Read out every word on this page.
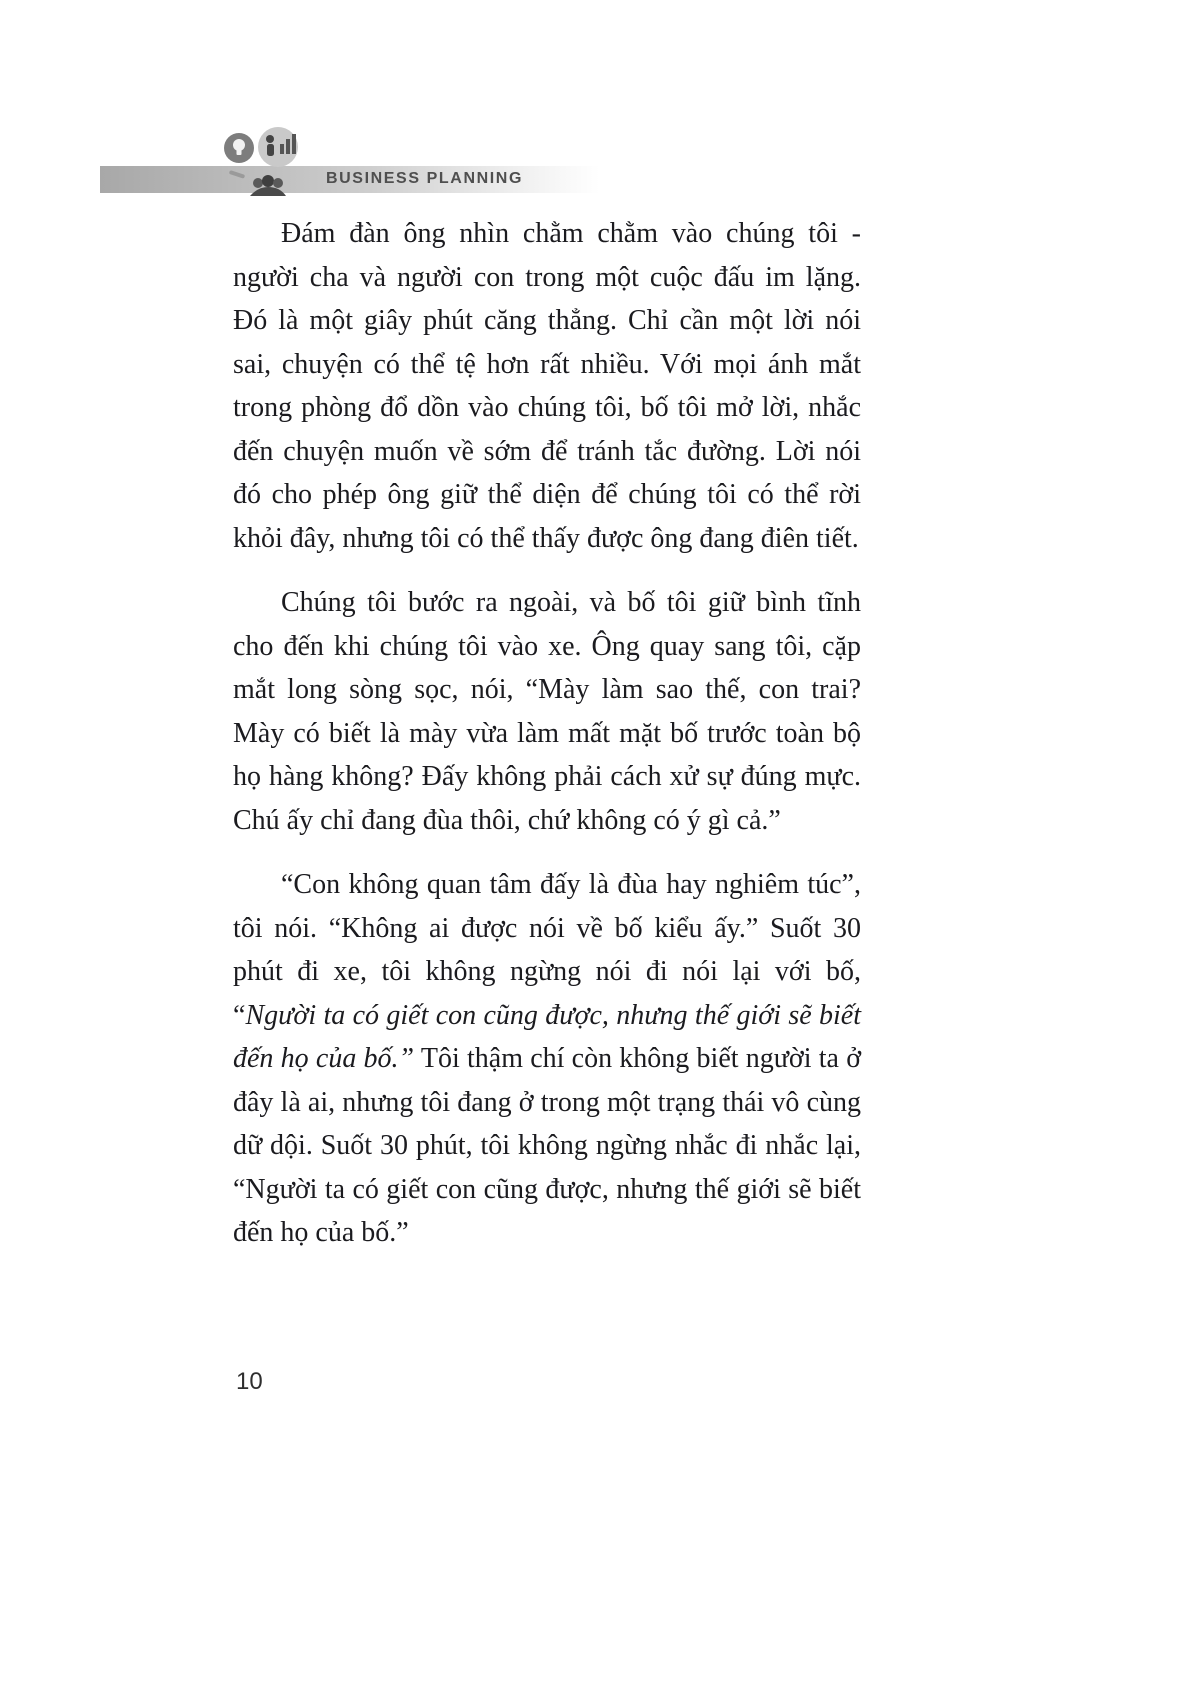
BUSINESS PLANNING

Đám đàn ông nhìn chằm chằm vào chúng tôi - người cha và người con trong một cuộc đấu im lặng. Đó là một giây phút căng thẳng. Chỉ cần một lời nói sai, chuyện có thể tệ hơn rất nhiều. Với mọi ánh mắt trong phòng đổ dồn vào chúng tôi, bố tôi mở lời, nhắc đến chuyện muốn về sớm để tránh tắc đường. Lời nói đó cho phép ông giữ thể diện để chúng tôi có thể rời khỏi đây, nhưng tôi có thể thấy được ông đang điên tiết.

Chúng tôi bước ra ngoài, và bố tôi giữ bình tĩnh cho đến khi chúng tôi vào xe. Ông quay sang tôi, cặp mắt long sòng sọc, nói, “Mày làm sao thế, con trai? Mày có biết là mày vừa làm mất mặt bố trước toàn bộ họ hàng không? Đấy không phải cách xử sự đúng mực. Chú ấy chỉ đang đùa thôi, chứ không có ý gì cả.”

“Con không quan tâm đấy là đùa hay nghiêm túc”, tôi nói. “Không ai được nói về bố kiểu ấy.” Suốt 30 phút đi xe, tôi không ngừng nói đi nói lại với bố, “Người ta có giết con cũng được, nhưng thế giới sẽ biết đến họ của bố.” Tôi thậm chí còn không biết người ta ở đây là ai, nhưng tôi đang ở trong một trạng thái vô cùng dữ dội. Suốt 30 phút, tôi không ngừng nhắc đi nhắc lại, “Người ta có giết con cũng được, nhưng thế giới sẽ biết đến họ của bố.”

10
